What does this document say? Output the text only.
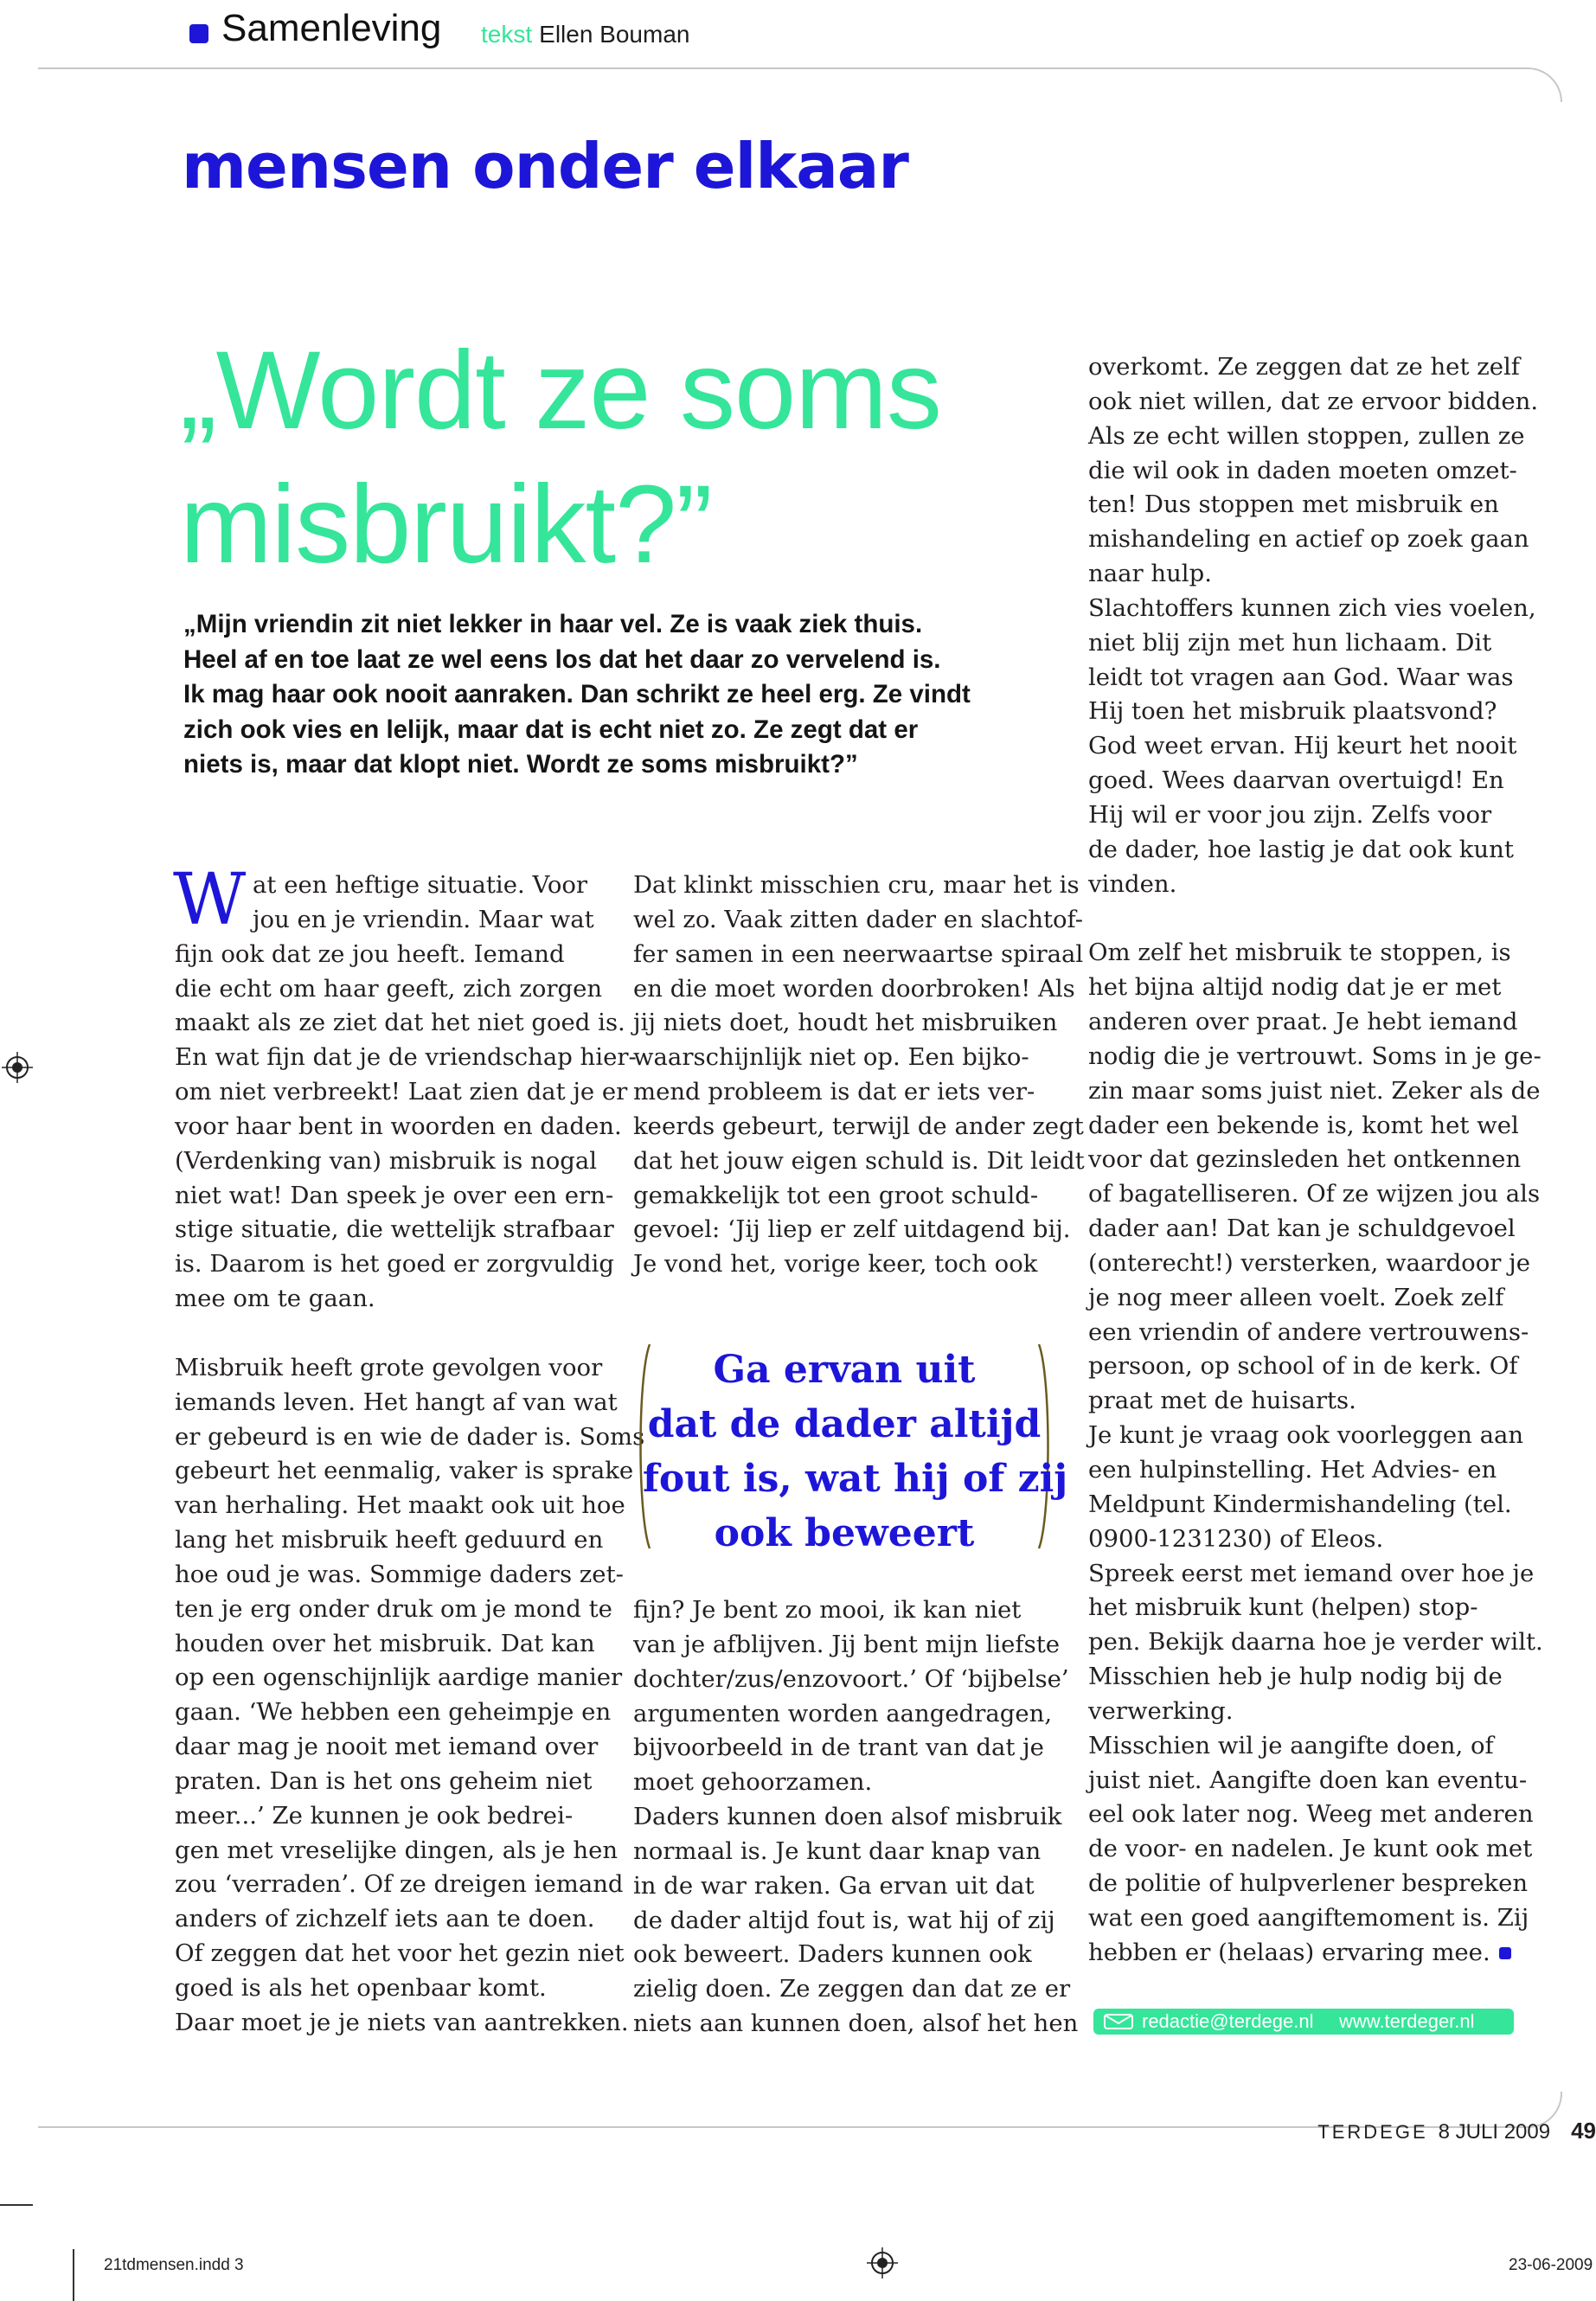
Samenleving tekst Ellen Bouman
mensen onder elkaar
„Wordt ze soms
misbruikt?”

„Mijn vriendin zit niet lekker in haar vel. Ze is vaak ziek thuis.
Heel af en toe laat ze wel eens los dat het daar zo vervelend is.
Ik mag haar ook nooit aanraken. Dan schrikt ze heel erg. Ze vindt
zich ook vies en lelijk, maar dat is echt niet zo. Ze zegt dat er
niets is, maar dat klopt niet. Wordt ze soms misbruikt?”

W at een heftige situatie. Voor
jou en je vriendin. Maar wat
fijn ook dat ze jou heeft. Iemand
die echt om haar geeft, zich zorgen
maakt als ze ziet dat het niet goed is.
En wat fijn dat je de vriendschap hier-
om niet verbreekt! Laat zien dat je er
voor haar bent in woorden en daden.
(Verdenking van) misbruik is nogal
niet wat! Dan speek je over een ern-
stige situatie, die wettelijk strafbaar
is. Daarom is het goed er zorgvuldig
mee om te gaan.
Misbruik heeft grote gevolgen voor
iemands leven. Het hangt af van wat
er gebeurd is en wie de dader is. Soms
gebeurt het eenmalig, vaker is sprake
van herhaling. Het maakt ook uit hoe
lang het misbruik heeft geduurd en
hoe oud je was. Sommige daders zet-
ten je erg onder druk om je mond te
houden over het misbruik. Dat kan
op een ogenschijnlijk aardige manier
gaan. ‘We hebben een geheimpje en
daar mag je nooit met iemand over
praten. Dan is het ons geheim niet
meer...’ Ze kunnen je ook bedrei-
gen met vreselijke dingen, als je hen
zou ‘verraden’. Of ze dreigen iemand
anders of zichzelf iets aan te doen.
Of zeggen dat het voor het gezin niet
goed is als het openbaar komt.
Daar moet je je niets van aantrekken.
Dat klinkt misschien cru, maar het is
wel zo. Vaak zitten dader en slachtof-
fer samen in een neerwaartse spiraal
en die moet worden doorbroken! Als
jij niets doet, houdt het misbruiken
waarschijnlijk niet op. Een bijko-
mend probleem is dat er iets ver-
keerds gebeurt, terwijl de ander zegt
dat het jouw eigen schuld is. Dit leidt
gemakkelijk tot een groot schuld-
gevoel: ‘Jij liep er zelf uitdagend bij.
Je vond het, vorige keer, toch ook
Ga ervan uit
dat de dader altijd
fout is, wat hij of zij
ook beweert
fijn? Je bent zo mooi, ik kan niet
van je afblijven. Jij bent mijn liefste
dochter/zus/enzovoort.’ Of ‘bijbelse’
argumenten worden aangedragen,
bijvoorbeeld in de trant van dat je
moet gehoorzamen.
Daders kunnen doen alsof misbruik
normaal is. Je kunt daar knap van
in de war raken. Ga ervan uit dat
de dader altijd fout is, wat hij of zij
ook beweert. Daders kunnen ook
zielig doen. Ze zeggen dan dat ze er
niets aan kunnen doen, alsof het hen
overkomt. Ze zeggen dat ze het zelf
ook niet willen, dat ze ervoor bidden.
Als ze echt willen stoppen, zullen ze
die wil ook in daden moeten omzet-
ten! Dus stoppen met misbruik en
mishandeling en actief op zoek gaan
naar hulp.
Slachtoffers kunnen zich vies voelen,
niet blij zijn met hun lichaam. Dit
leidt tot vragen aan God. Waar was
Hij toen het misbruik plaatsvond?
God weet ervan. Hij keurt het nooit
goed. Wees daarvan overtuigd! En
Hij wil er voor jou zijn. Zelfs voor
de dader, hoe lastig je dat ook kunt
vinden.
Om zelf het misbruik te stoppen, is
het bijna altijd nodig dat je er met
anderen over praat. Je hebt iemand
nodig die je vertrouwt. Soms in je ge-
zin maar soms juist niet. Zeker als de
dader een bekende is, komt het wel
voor dat gezinsleden het ontkennen
of bagatelliseren. Of ze wijzen jou als
dader aan! Dat kan je schuldgevoel
(onterecht!) versterken, waardoor je
je nog meer alleen voelt. Zoek zelf
een vriendin of andere vertrouwens-
persoon, op school of in de kerk. Of
praat met de huisarts.
Je kunt je vraag ook voorleggen aan
een hulpinstelling. Het Advies- en
Meldpunt Kindermishandeling (tel.
0900-1231230) of Eleos.
Spreek eerst met iemand over hoe je
het misbruik kunt (helpen) stop-
pen. Bekijk daarna hoe je verder wilt.
Misschien heb je hulp nodig bij de
verwerking.
Misschien wil je aangifte doen, of
juist niet. Aangifte doen kan eventu-
eel ook later nog. Weeg met anderen
de voor- en nadelen. Je kunt ook met
de politie of hulpverlener bespreken
wat een goed aangiftemoment is. Zij
hebben er (helaas) ervaring mee.
redactie@terdege.nl www.terdeger.nl
TERDEGE 8 JULI 2009 49
21tdmensen.indd 3	23-06-2009
